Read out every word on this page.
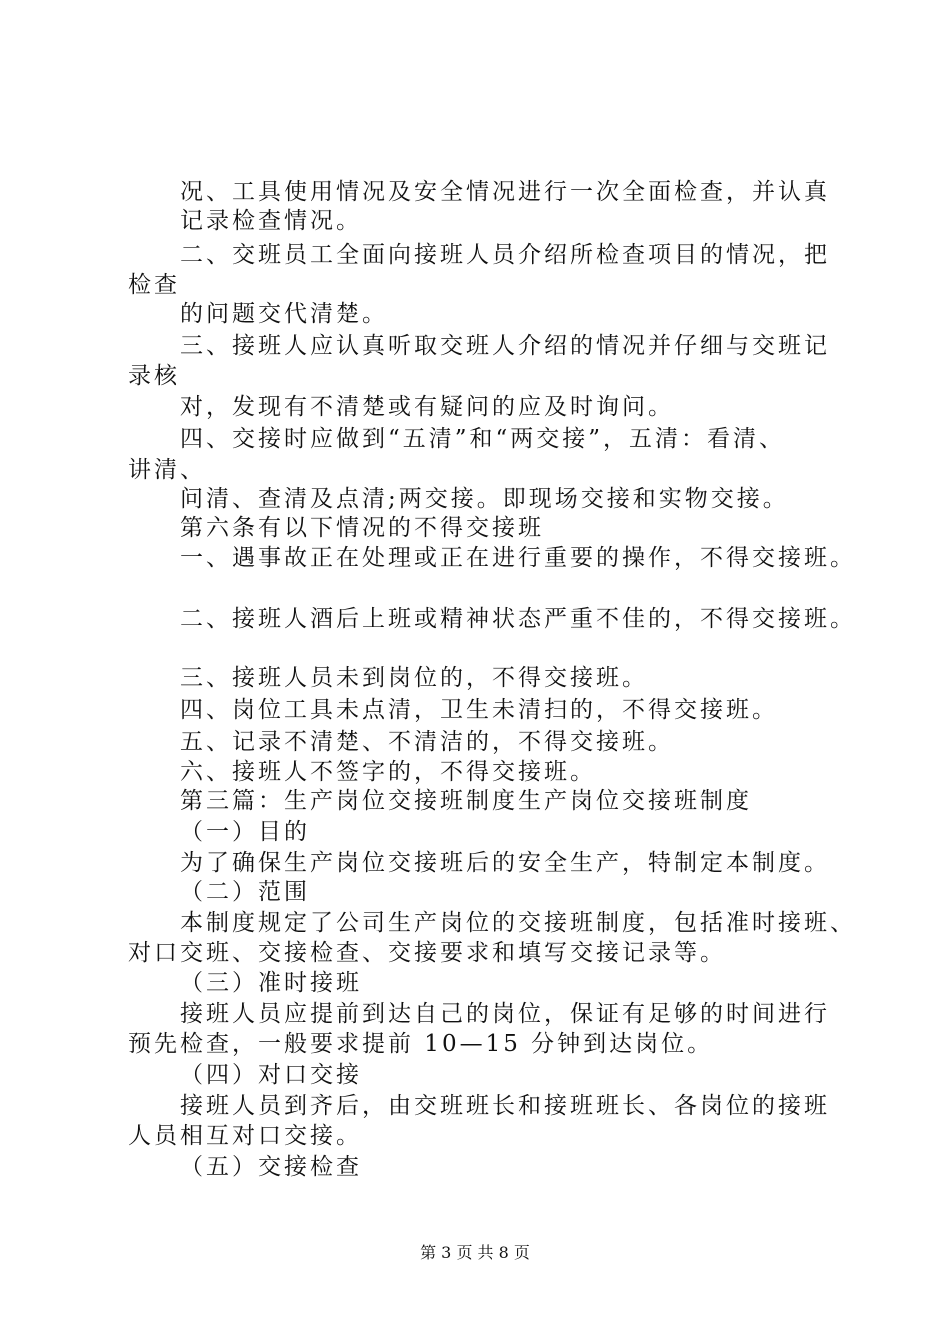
况、工具使用情况及安全情况进行一次全面检查，并认真
记录检查情况。
二、交班员工全面向接班人员介绍所检查项目的情况，把
检查
的问题交代清楚。
三、接班人应认真听取交班人介绍的情况并仔细与交班记
录核
对，发现有不清楚或有疑问的应及时询问。
四、交接时应做到“五清”和“两交接”，五清：看清、
讲清、
问清、查清及点清;两交接。即现场交接和实物交接。
第六条有以下情况的不得交接班
一、遇事故正在处理或正在进行重要的操作，不得交接班。
二、接班人酒后上班或精神状态严重不佳的，不得交接班。
三、接班人员未到岗位的，不得交接班。
四、岗位工具未点清，卫生未清扫的，不得交接班。
五、记录不清楚、不清洁的，不得交接班。
六、接班人不签字的，不得交接班。
第三篇：生产岗位交接班制度生产岗位交接班制度
（一）目的
为了确保生产岗位交接班后的安全生产，特制定本制度。
（二）范围
本制度规定了公司生产岗位的交接班制度，包括准时接班、
对口交班、交接检查、交接要求和填写交接记录等。
（三）准时接班
接班人员应提前到达自己的岗位，保证有足够的时间进行
预先检查，一般要求提前 10—15 分钟到达岗位。
（四）对口交接
接班人员到齐后，由交班班长和接班班长、各岗位的接班
人员相互对口交接。
（五）交接检查
第 3 页 共 8 页
